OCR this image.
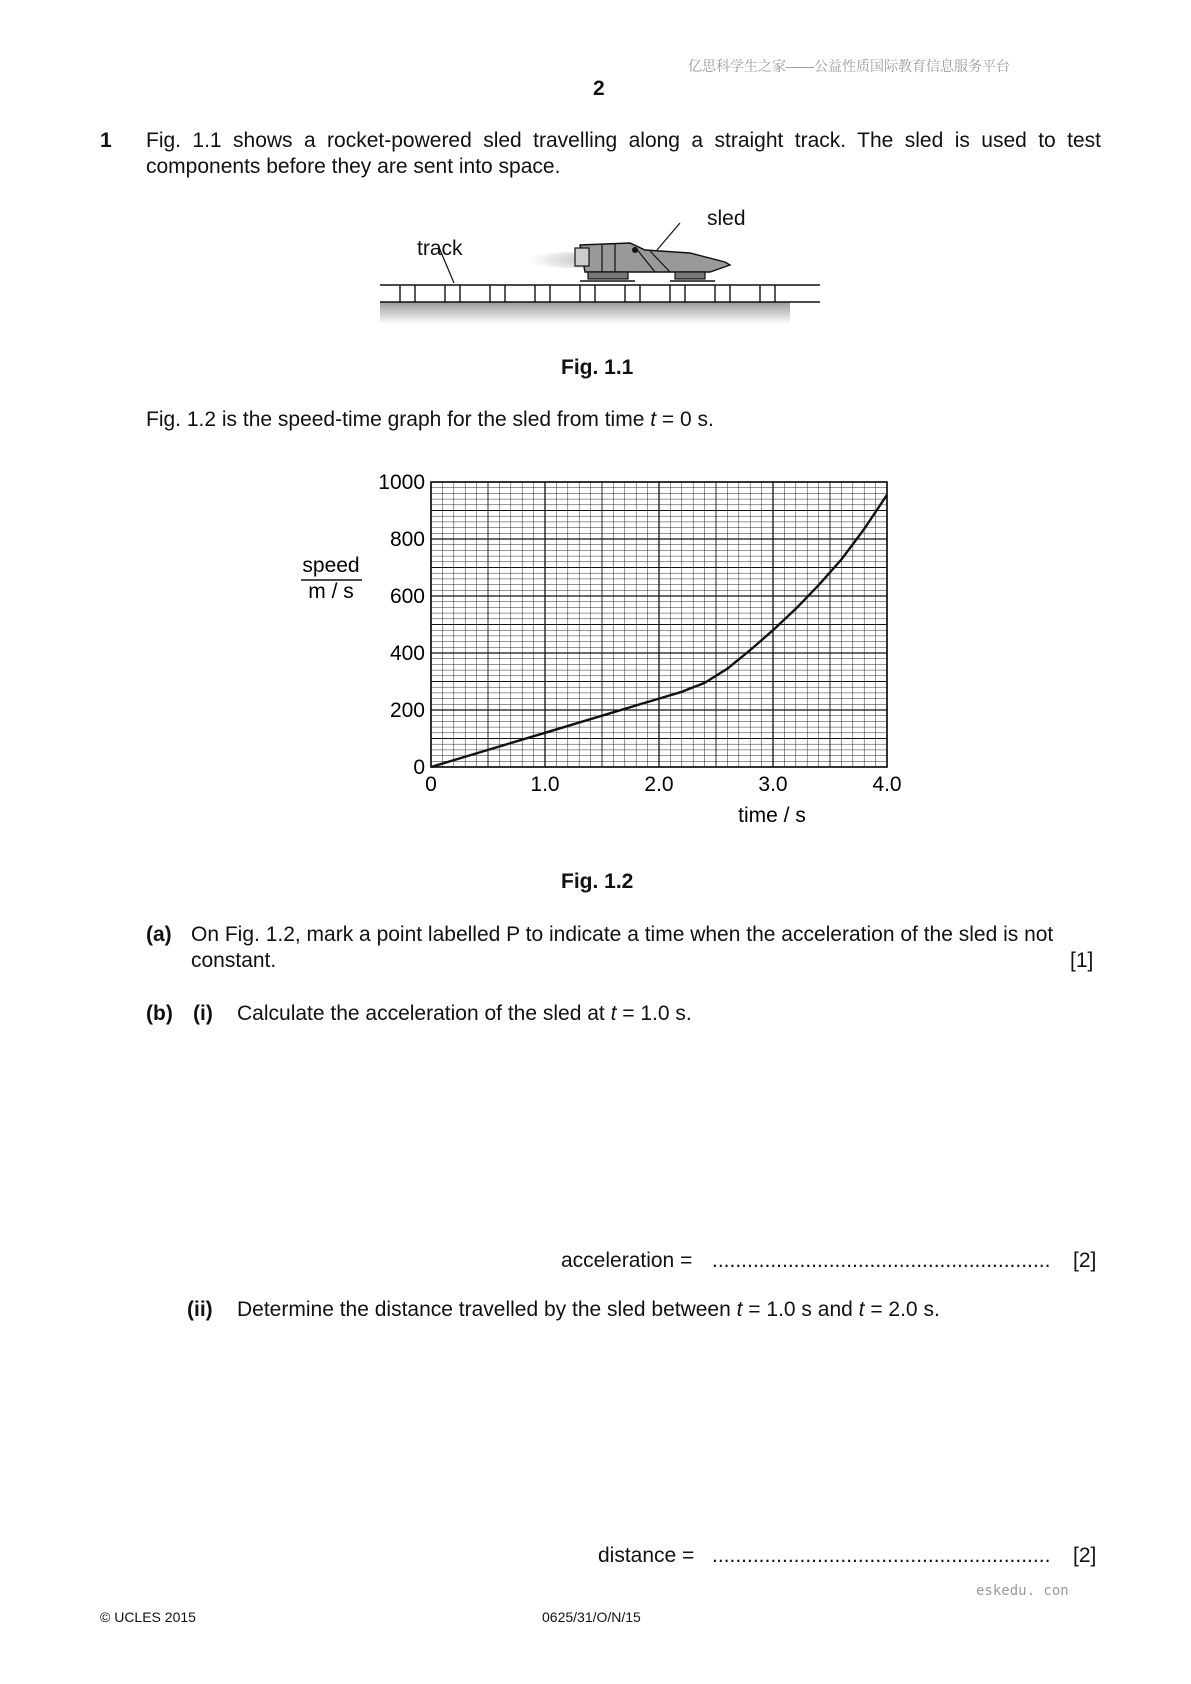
亿思科学生之家——公益性质国际教育信息服务平台
2
1 Fig. 1.1 shows a rocket-powered sled travelling along a straight track. The sled is used to test
components before they are sent into space.
track
sled
Fig. 1.1
Fig. 1.2 is the speed-time graph for the sled from time t = 0 s.
0
200
400
600
800
1000
0	1.0	2.0	3.0	4.0
speed
m / s
time / s
Fig. 1.2
(a) On Fig. 1.2, mark a point labelled P to indicate a time when the acceleration of the sled is not
constant.	[1]
(b) (i) Calculate the acceleration of the sled at t = 1.0 s.
acceleration = .......................................................... [2]
(ii) Determine the distance travelled by the sled between t = 1.0 s and t = 2.0 s.
distance = .......................................................... [2]
eskedu. con
© UCLES 2015	0625/31/O/N/15
